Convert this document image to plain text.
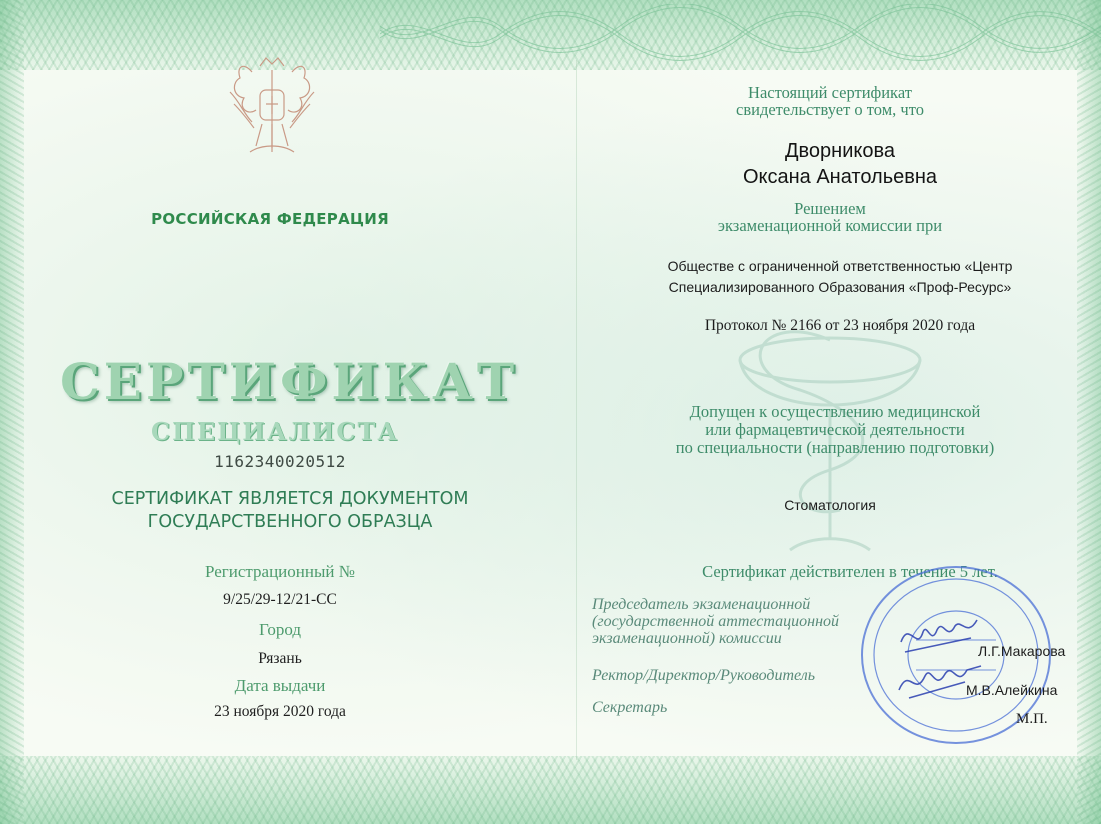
РОССИЙСКАЯ ФЕДЕРАЦИЯ
СЕРТИФИКАТ
СПЕЦИАЛИСТА
1162340020512
СЕРТИФИКАТ ЯВЛЯЕТСЯ ДОКУМЕНТОМ
ГОСУДАРСТВЕННОГО ОБРАЗЦА
Регистрационный №
9/25/29-12/21-СС
Город
Рязань
Дата выдачи
23 ноября 2020 года
Настоящий сертификат
свидетельствует о том, что
Дворникова
Оксана Анатольевна
Решением
экзаменационной комиссии при
Обществе с ограниченной ответственностью «Центр
Специализированного Образования «Проф-Ресурс»
Протокол № 2166 от 23 ноября 2020 года
Допущен к осуществлению медицинской
или фармацевтической деятельности
по специальности (направлению подготовки)
Стоматология
Сертификат действителен в течение 5 лет.
Председатель экзаменационной
(государственной аттестационной
экзаменационной) комиссии
Ректор/Директор/Руководитель
Секретарь
Л.Г.Макарова
М.В.Алейкина
М.П.
